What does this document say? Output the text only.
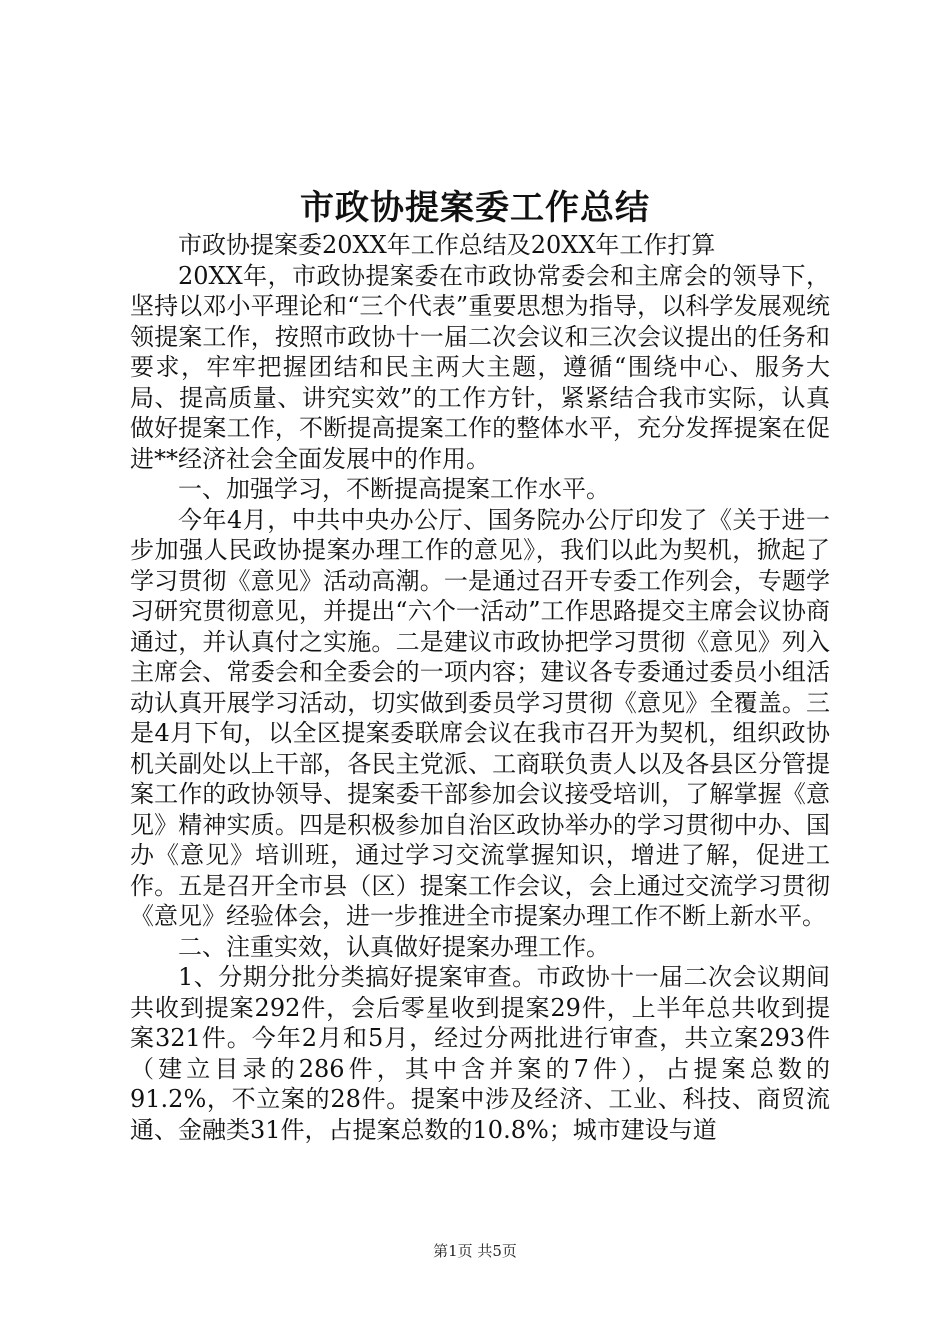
市政协提案委工作总结

市政协提案委20XX年工作总结及20XX年工作打算

20XX年，市政协提案委在市政协常委会和主席会的领导下，坚持以邓小平理论和“三个代表”重要思想为指导，以科学发展观统领提案工作，按照市政协十一届二次会议和三次会议提出的任务和要求，牢牢把握团结和民主两大主题，遵循“围绕中心、服务大局、提高质量、讲究实效”的工作方针，紧紧结合我市实际，认真做好提案工作，不断提高提案工作的整体水平，充分发挥提案在促进**经济社会全面发展中的作用。

一、加强学习，不断提高提案工作水平。

今年4月，中共中央办公厅、国务院办公厅印发了《关于进一步加强人民政协提案办理工作的意见》，我们以此为契机，掀起了学习贯彻《意见》活动高潮。一是通过召开专委工作列会，专题学习研究贯彻意见，并提出“六个一活动”工作思路提交主席会议协商通过，并认真付之实施。二是建议市政协把学习贯彻《意见》列入主席会、常委会和全委会的一项内容；建议各专委通过委员小组活动认真开展学习活动，切实做到委员学习贯彻《意见》全覆盖。三是4月下旬，以全区提案委联席会议在我市召开为契机，组织政协机关副处以上干部，各民主党派、工商联负责人以及各县区分管提案工作的政协领导、提案委干部参加会议接受培训，了解掌握《意见》精神实质。四是积极参加自治区政协举办的学习贯彻中办、国办《意见》培训班，通过学习交流掌握知识，增进了解，促进工作。五是召开全市县（区）提案工作会议，会上通过交流学习贯彻《意见》经验体会，进一步推进全市提案办理工作不断上新水平。

二、注重实效，认真做好提案办理工作。

1、分期分批分类搞好提案审查。市政协十一届二次会议期间共收到提案292件，会后零星收到提案29件，上半年总共收到提案321件。今年2月和5月，经过分两批进行审查，共立案293件（建立目录的286件，其中含并案的7件），占提案总数的91.2%，不立案的28件。提案中涉及经济、工业、科技、商贸流通、金融类31件，占提案总数的10.8%；城市建设与道

第1页 共5页
